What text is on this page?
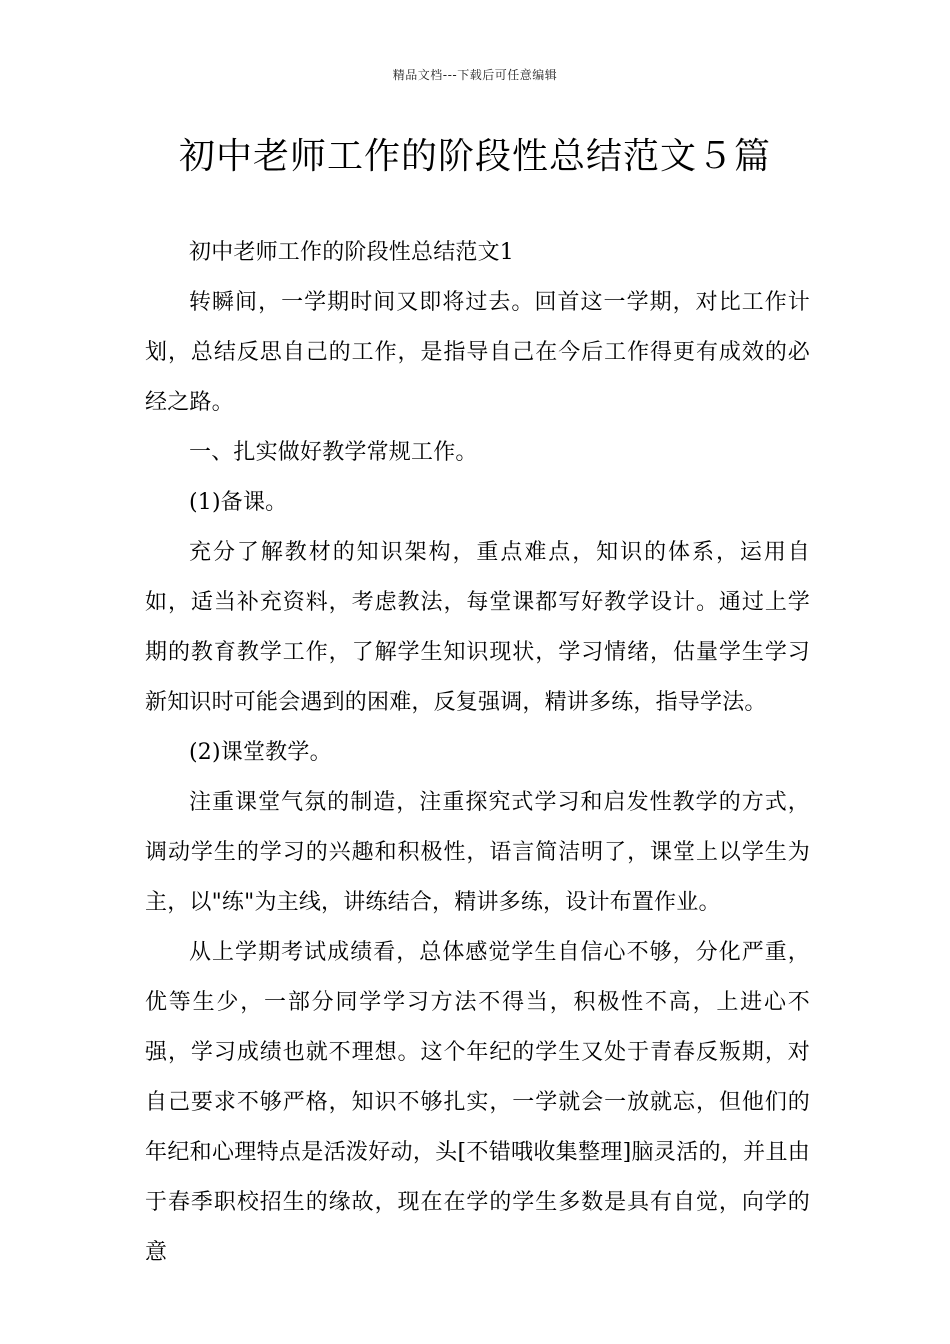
精品文档---下载后可任意编辑
初中老师工作的阶段性总结范文５篇

初中老师工作的阶段性总结范文1

转瞬间，一学期时间又即将过去。回首这一学期，对比工作计划，总结反思自己的工作，是指导自己在今后工作得更有成效的必经之路。

一、扎实做好教学常规工作。

(1)备课。

充分了解教材的知识架构，重点难点，知识的体系，运用自如，适当补充资料，考虑教法，每堂课都写好教学设计。通过上学期的教育教学工作，了解学生知识现状，学习情绪，估量学生学习新知识时可能会遇到的困难，反复强调，精讲多练，指导学法。

(2)课堂教学。

注重课堂气氛的制造，注重探究式学习和启发性教学的方式，调动学生的学习的兴趣和积极性，语言简洁明了，课堂上以学生为主，以"练"为主线，讲练结合，精讲多练，设计布置作业。

从上学期考试成绩看，总体感觉学生自信心不够，分化严重，优等生少，一部分同学学习方法不得当，积极性不高，上进心不强，学习成绩也就不理想。这个年纪的学生又处于青春反叛期，对自己要求不够严格，知识不够扎实，一学就会一放就忘，但他们的年纪和心理特点是活泼好动，头[不错哦收集整理]脑灵活的，并且由于春季职校招生的缘故，现在在学的学生多数是具有自觉，向学的意
